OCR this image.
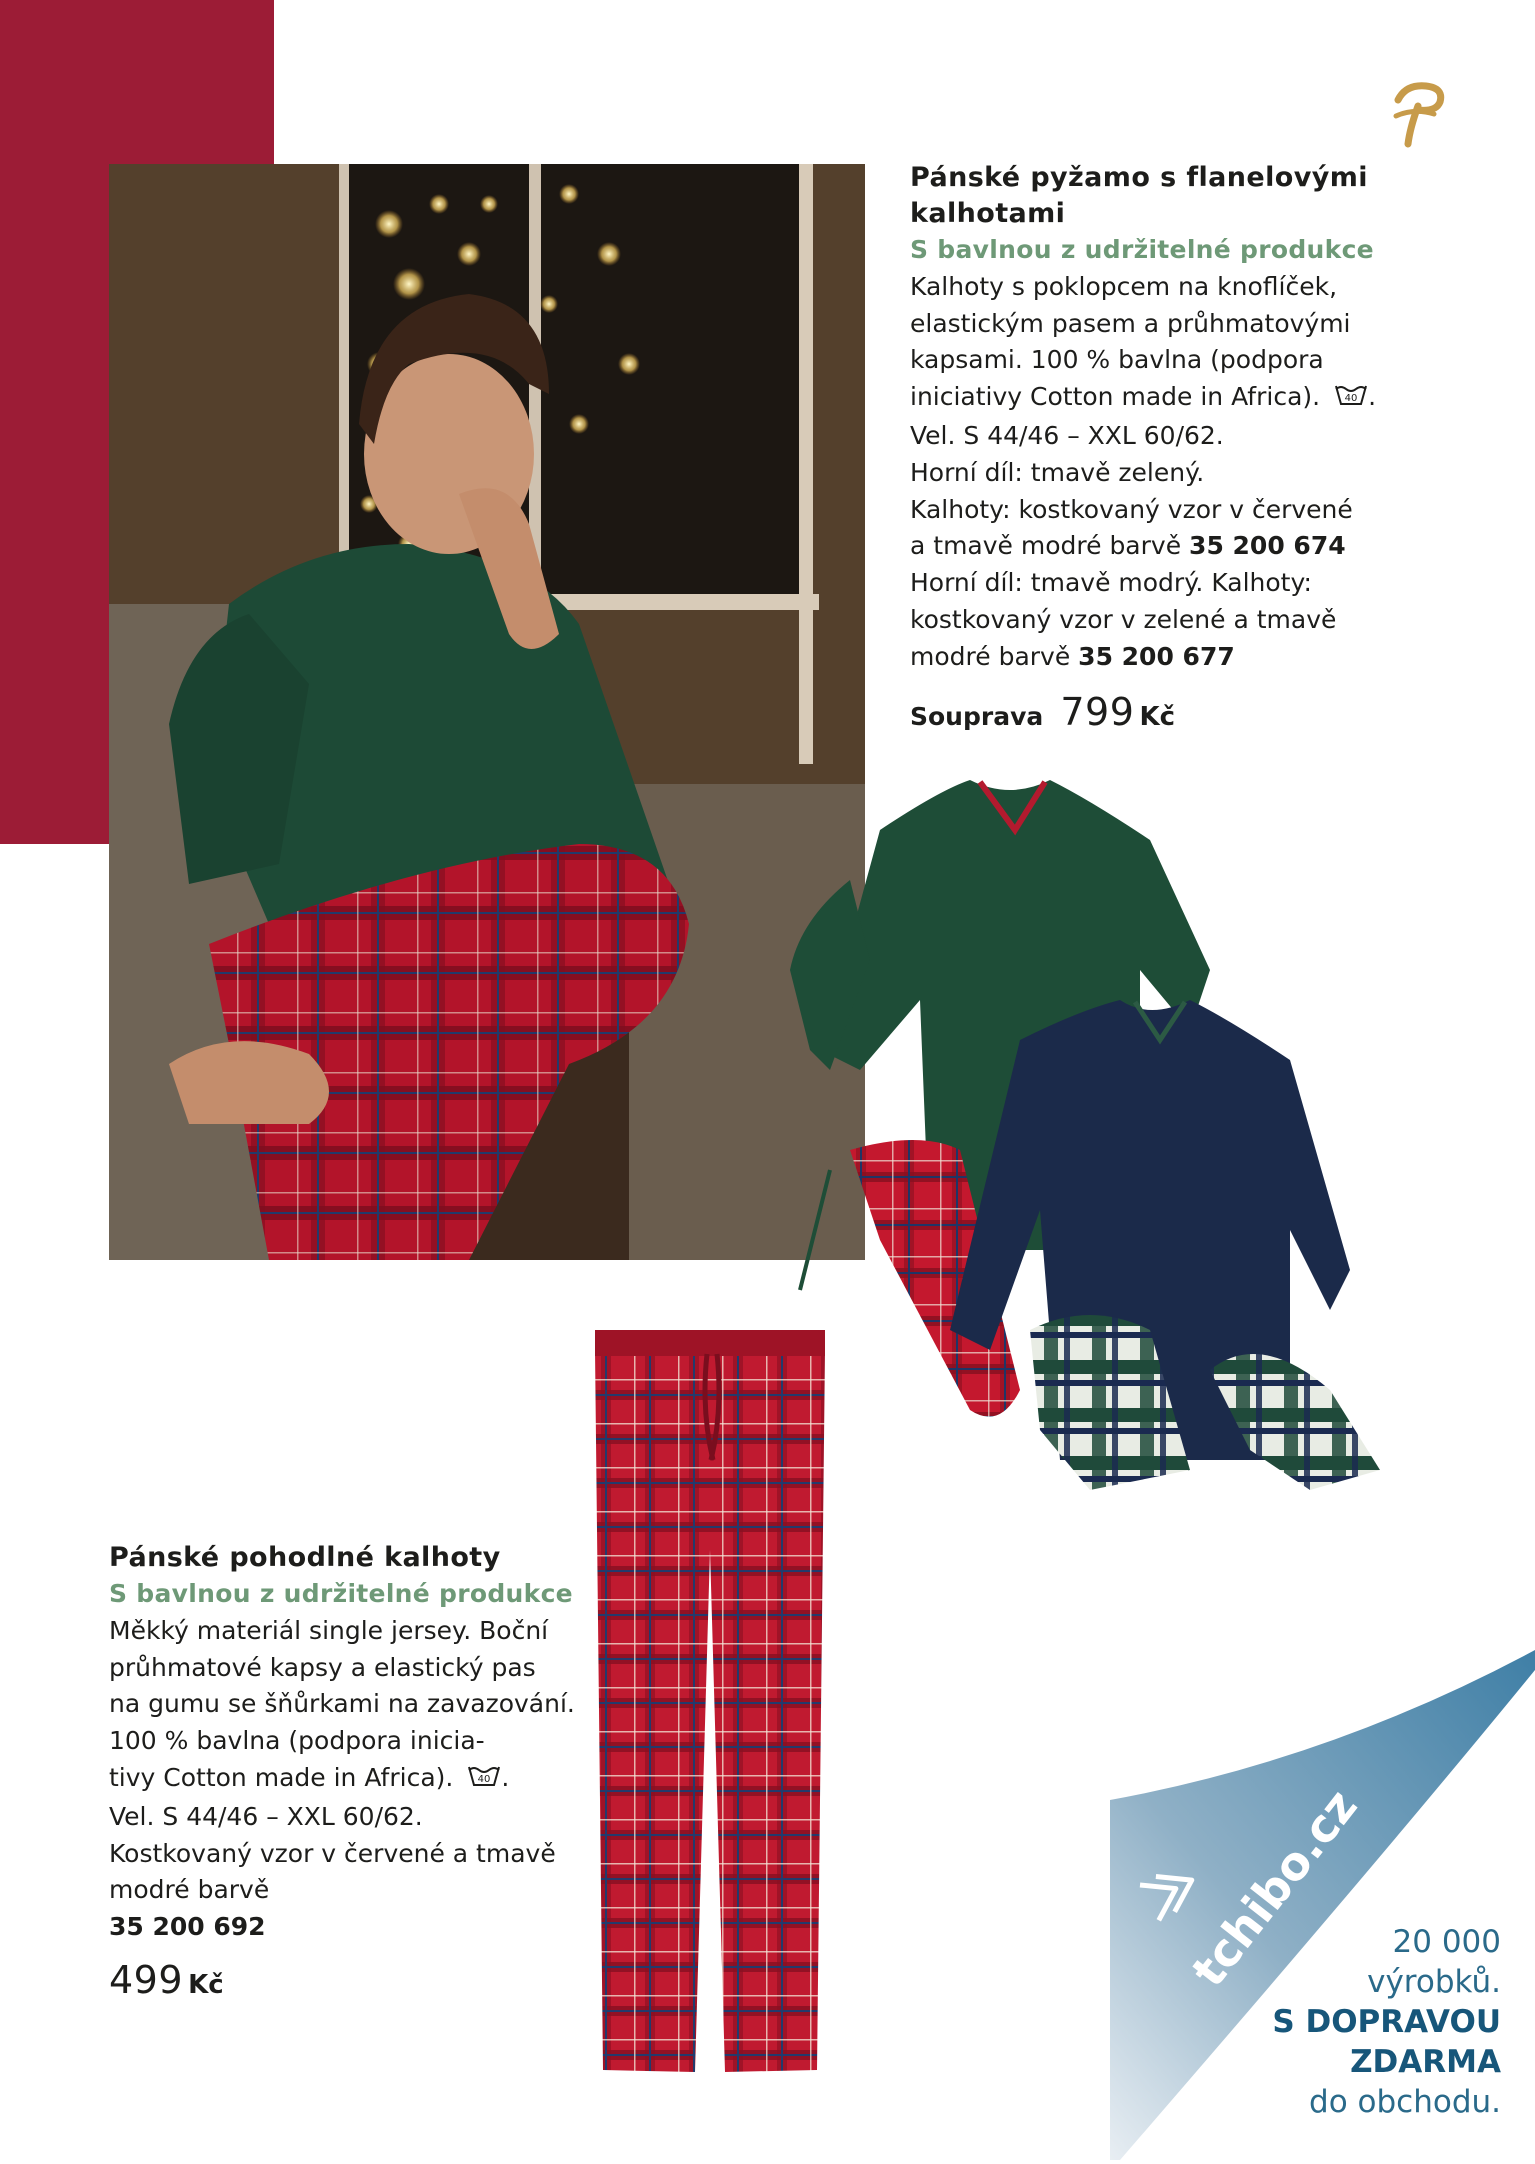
Pánské pyžamo s flanelovými
kalhotami
S bavlnou z udržitelné produkce
Kalhoty s poklopcem na knoflíček,
elastickým pasem a průhmatovými
kapsami. 100 % bavlna (podpora
iniciativy Cotton made in Africa). 40 .
Vel. S 44/46 – XXL 60/62.
Horní díl: tmavě zelený.
Kalhoty: kostkovaný vzor v červené
a tmavě modré barvě 35 200 674
Horní díl: tmavě modrý. Kalhoty:
kostkovaný vzor v zelené a tmavě
modré barvě 35 200 677
Souprava 799 Kč
Pánské pohodlné kalhoty
S bavlnou z udržitelné produkce
Měkký materiál single jersey. Boční
průhmatové kapsy a elastický pas
na gumu se šňůrkami na zavazování.
100 % bavlna (podpora inicia-
tivy Cotton made in Africa). 40 .
Vel. S 44/46 – XXL 60/62.
Kostkovaný vzor v červené a tmavě
modré barvě
35 200 692
499 Kč	tchibo.cz 20 000
výrobků.
S DOPRAVOU
ZDARMA
do obchodu.
